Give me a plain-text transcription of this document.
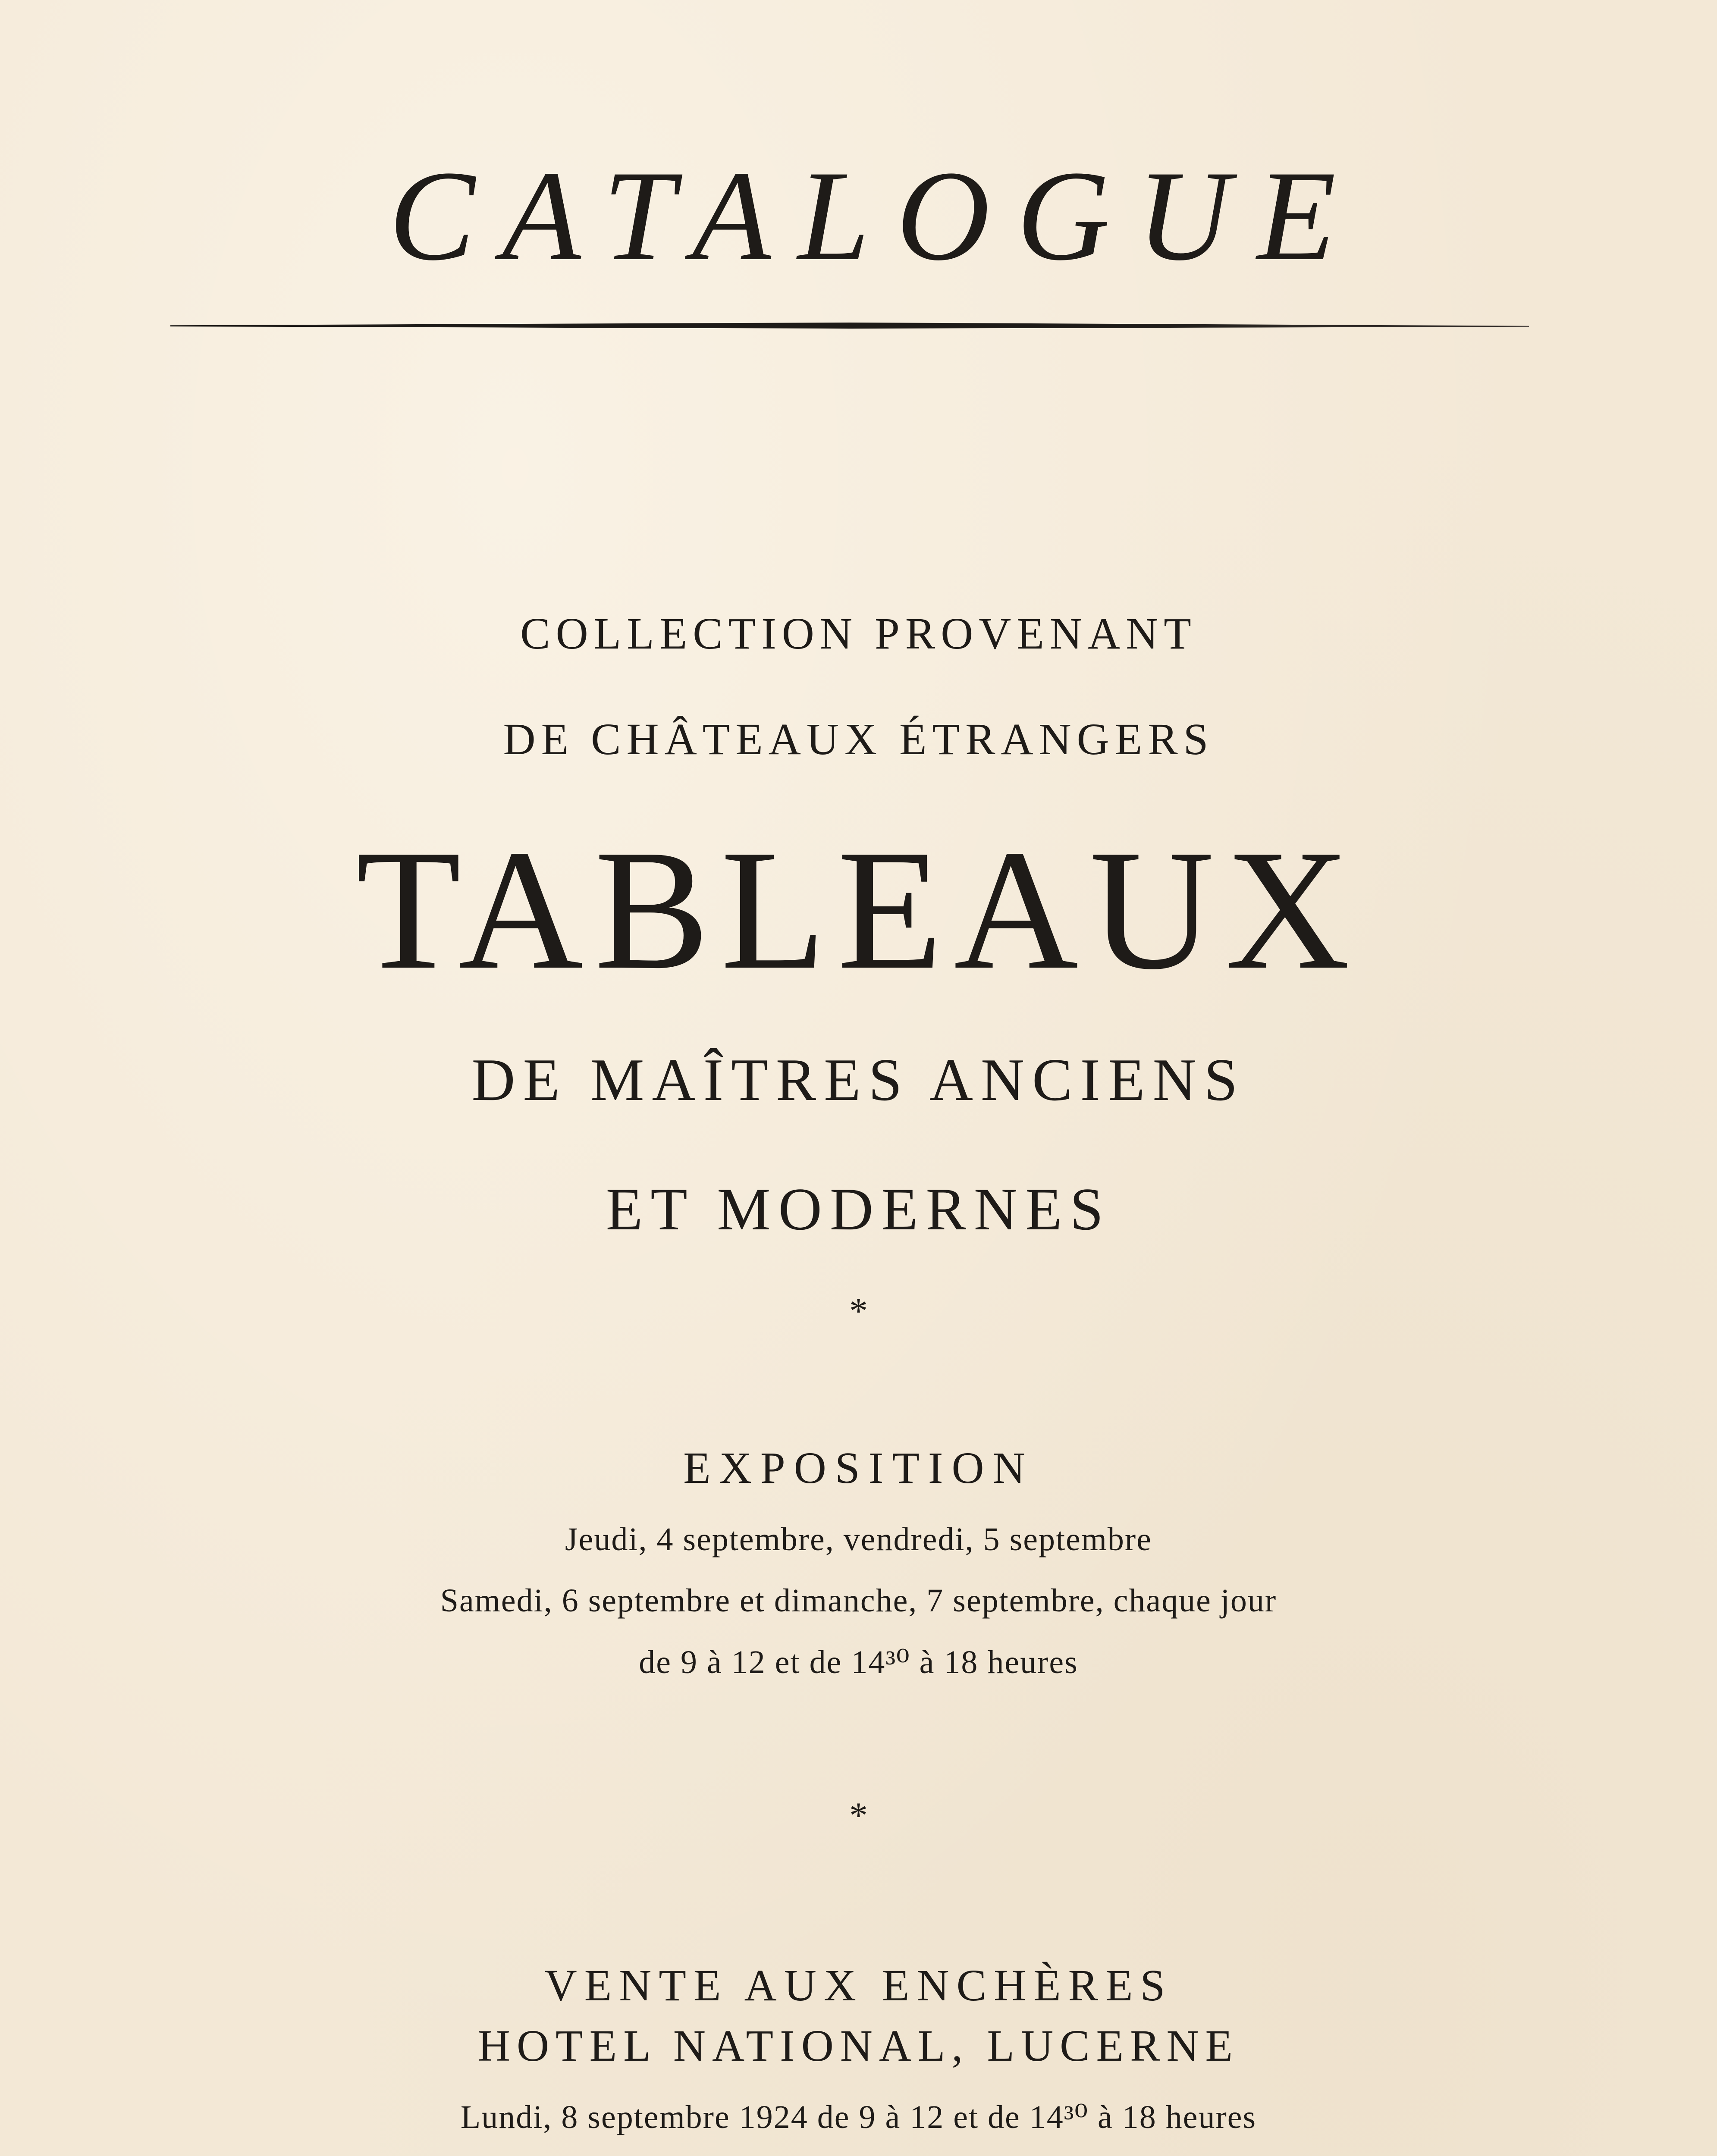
CATALOGUE
COLLECTION PROVENANT
DE CHÂTEAUX ÉTRANGERS
TABLEAUX
DE MAÎTRES ANCIENS
ET MODERNES
*
EXPOSITION
Jeudi, 4 septembre, vendredi, 5 septembre
Samedi, 6 septembre et dimanche, 7 septembre, chaque jour
de 9 à 12 et de 14³⁰ à 18 heures
*
VENTE AUX ENCHÈRES
HOTEL NATIONAL, LUCERNE
Lundi, 8 septembre 1924 de 9 à 12 et de 14³⁰ à 18 heures
